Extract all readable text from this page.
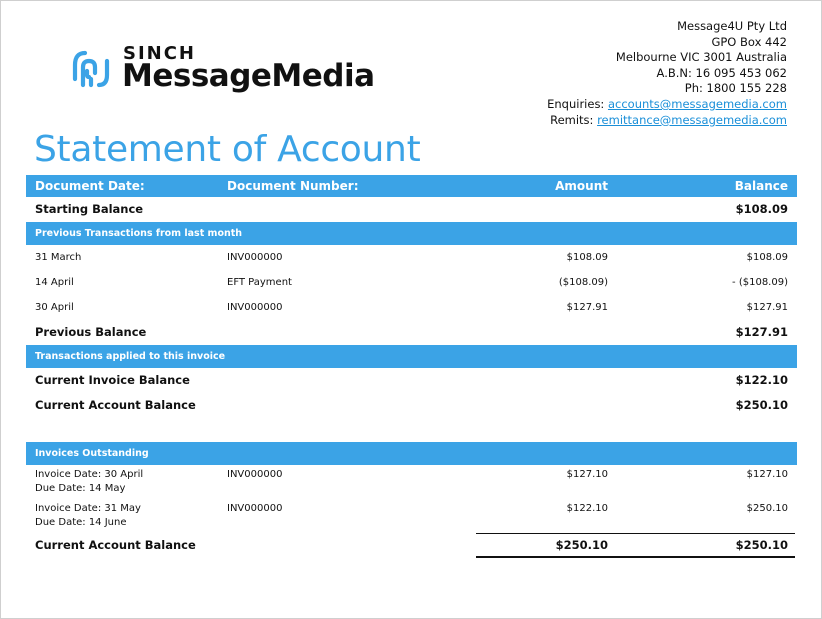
SINCH
MessageMedia
Message4U Pty Ltd
GPO Box 442
Melbourne VIC 3001 Australia
A.B.N: 16 095 453 062
Ph: 1800 155 228
Enquiries: accounts@messagemedia.com
Remits: remittance@messagemedia.com
Statement of Account
Document Date:	Document Number:	Amount	Balance
Starting Balance	$108.09
Previous Transactions from last month
31 March	INV000000	$108.09	$108.09
14 April	EFT Payment	($108.09)	- ($108.09)
30 April	INV000000	$127.91	$127.91
Previous Balance	$127.91
Transactions applied to this invoice
Current Invoice Balance	$122.10
Current Account Balance	$250.10
Invoices Outstanding
Invoice Date: 30 April
Due Date: 14 May
INV000000	$127.10	$127.10
Invoice Date: 31 May
Due Date: 14 June
INV000000	$122.10	$250.10
Current Account Balance	$250.10	$250.10
